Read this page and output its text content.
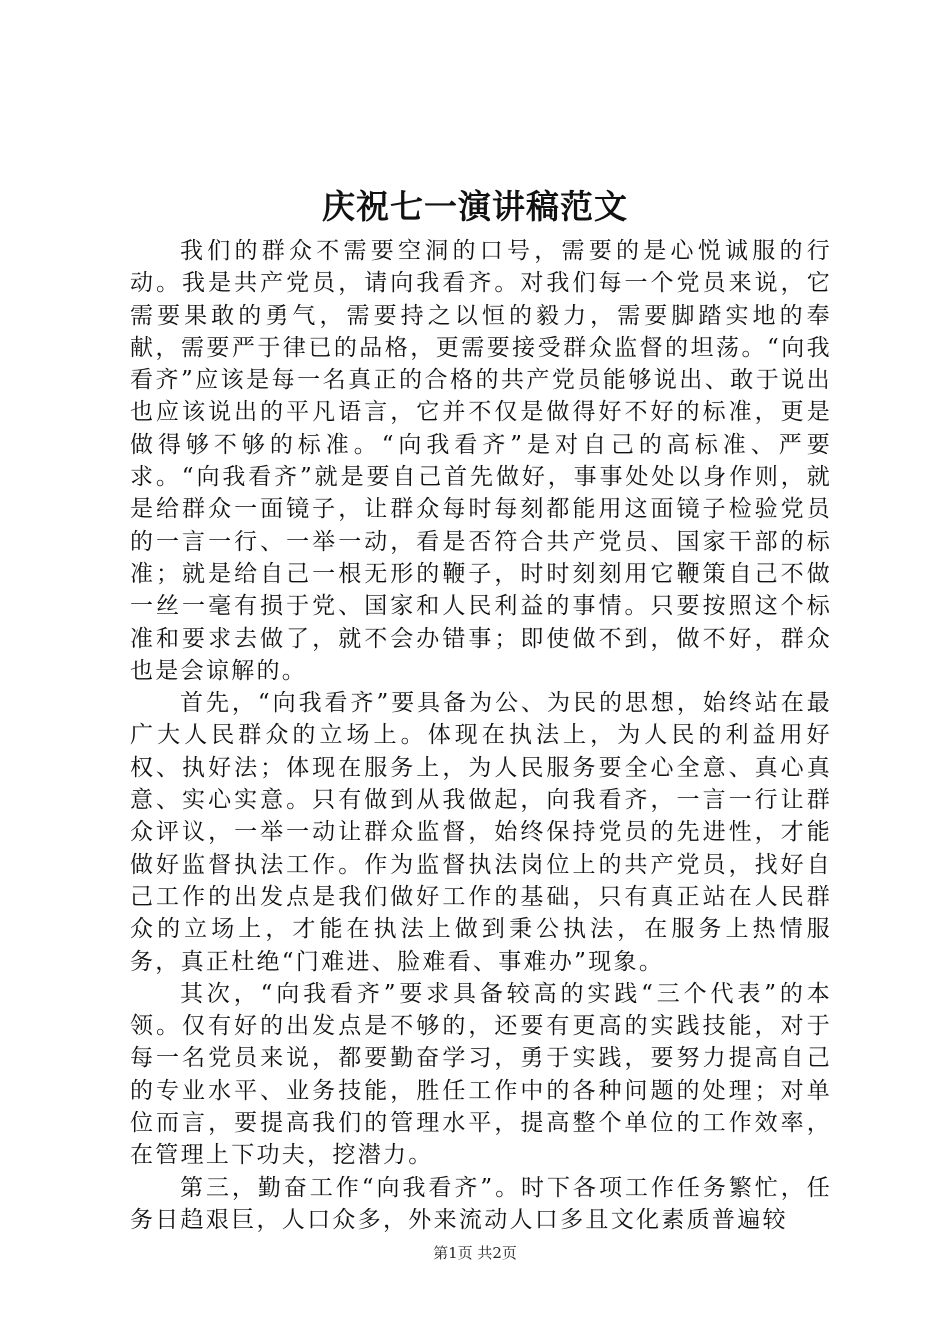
庆祝七一演讲稿范文

我们的群众不需要空洞的口号，需要的是心悦诚服的行动。我是共产党员，请向我看齐。对我们每一个党员来说，它需要果敢的勇气，需要持之以恒的毅力，需要脚踏实地的奉献，需要严于律已的品格，更需要接受群众监督的坦荡。“向我看齐”应该是每一名真正的合格的共产党员能够说出、敢于说出也应该说出的平凡语言，它并不仅是做得好不好的标准，更是做得够不够的标准。“向我看齐”是对自己的高标准、严要求。“向我看齐”就是要自己首先做好，事事处处以身作则，就是给群众一面镜子，让群众每时每刻都能用这面镜子检验党员的一言一行、一举一动，看是否符合共产党员、国家干部的标准；就是给自己一根无形的鞭子，时时刻刻用它鞭策自己不做一丝一毫有损于党、国家和人民利益的事情。只要按照这个标准和要求去做了，就不会办错事；即使做不到，做不好，群众也是会谅解的。

首先，“向我看齐”要具备为公、为民的思想，始终站在最广大人民群众的立场上。体现在执法上，为人民的利益用好权、执好法；体现在服务上，为人民服务要全心全意、真心真意、实心实意。只有做到从我做起，向我看齐，一言一行让群众评议，一举一动让群众监督，始终保持党员的先进性，才能做好监督执法工作。作为监督执法岗位上的共产党员，找好自己工作的出发点是我们做好工作的基础，只有真正站在人民群众的立场上，才能在执法上做到秉公执法，在服务上热情服务，真正杜绝“门难进、脸难看、事难办”现象。

其次，“向我看齐”要求具备较高的实践“三个代表”的本领。仅有好的出发点是不够的，还要有更高的实践技能，对于每一名党员来说，都要勤奋学习，勇于实践，要努力提高自己的专业水平、业务技能，胜任工作中的各种问题的处理；对单位而言，要提高我们的管理水平，提高整个单位的工作效率，在管理上下功夫，挖潜力。

第三，勤奋工作“向我看齐”。时下各项工作任务繁忙，任务日趋艰巨，人口众多，外来流动人口多且文化素质普遍较

第1页 共2页
